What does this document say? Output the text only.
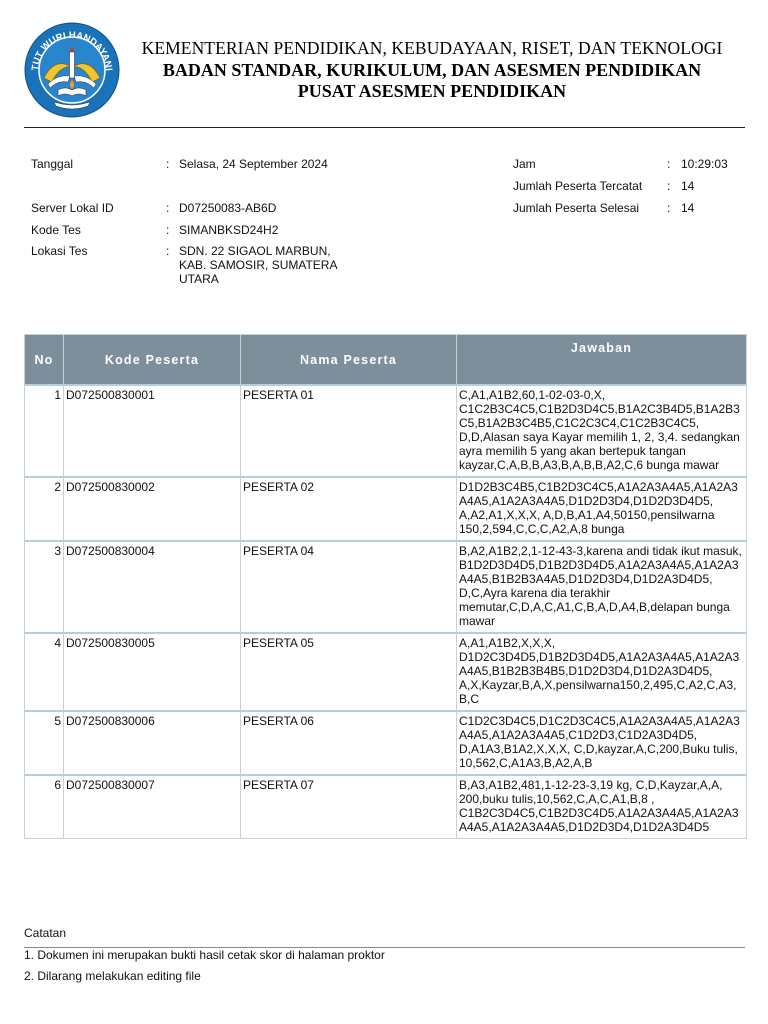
TUT WURI HANDAYANI
KEMENTERIAN PENDIDIKAN, KEBUDAYAAN, RISET, DAN TEKNOLOGI
BADAN STANDAR, KURIKULUM, DAN ASESMEN PENDIDIKAN
PUSAT ASESMEN PENDIDIKAN
Tanggal	: Selasa, 24 September 2024
Server Lokal ID	: D07250083-AB6D
Kode Tes	: SIMANBKSD24H2
Lokasi Tes	: SDN. 22 SIGAOL MARBUN, KAB. SAMOSIR, SUMATERA UTARA
Jam	: 10:29:03
Jumlah Peserta Tercatat : 14
Jumlah Peserta Selesai : 14
No	Kode Peserta	Nama Peserta	Jawaban
1	D072500830001	PESERTA 01	C,A1,A1B2,60,1-02-03-0,X, C1C2B3C4C5,C1B2D3D4C5,B1A2C3B4D5,B1A2B3C5,B1A2B3C4B5,C1C2C3C4,C1C2B3C4C5, D,D,Alasan saya Kayar memilih 1, 2, 3,4. sedangkan ayra memilih 5 yang akan bertepuk tangan kayzar,C,A,B,B,A3,B,A,B,B,A2,C,6 bunga mawar
2	D072500830002	PESERTA 02	D1D2B3C4B5,C1B2D3C4C5,A1A2A3A4A5,A1A2A3A4A5,A1A2A3A4A5,D1D2D3D4,D1D2D3D4D5, A,A2,A1,X,X,X, A,D,B,A1,A4,50150,pensilwarna 150,2,594,C,C,C,A2,A,8 bunga
3	D072500830004	PESERTA 04	B,A2,A1B2,2,1-12-43-3,karena andi tidak ikut masuk, B1D2D3D4D5,D1B2D3D4D5,A1A2A3A4A5,A1A2A3A4A5,B1B2B3A4A5,D1D2D3D4,D1D2A3D4D5, D,C,Ayra karena dia terakhir memutar,C,D,A,C,A1,C,B,A,D,A4,B,delapan bunga mawar
4	D072500830005	PESERTA 05	A,A1,A1B2,X,X,X, D1D2C3D4D5,D1B2D3D4D5,A1A2A3A4A5,A1A2A3A4A5,B1B2B3B4B5,D1D2D3D4,D1D2A3D4D5, A,X,Kayzar,B,A,X,pensilwarna150,2,495,C,A2,C,A3,B,C
5	D072500830006	PESERTA 06	C1D2C3D4C5,D1C2D3C4C5,A1A2A3A4A5,A1A2A3A4A5,A1A2A3A4A5,C1D2D3,C1D2A3D4D5, D,A1A3,B1A2,X,X,X, C,D,kayzar,A,C,200,Buku tulis, 10,562,C,A1A3,B,A2,A,B
6	D072500830007	PESERTA 07	B,A3,A1B2,481,1-12-23-3,19 kg, C,D,Kayzar,A,A, 200,buku tulis,10,562,C,A,C,A1,B,8 , C1B2C3D4C5,C1B2D3C4D5,A1A2A3A4A5,A1A2A3A4A5,A1A2A3A4A5,D1D2D3D4,D1D2A3D4D5
Catatan
1. Dokumen ini merupakan bukti hasil cetak skor di halaman proktor
2. Dilarang melakukan editing file
